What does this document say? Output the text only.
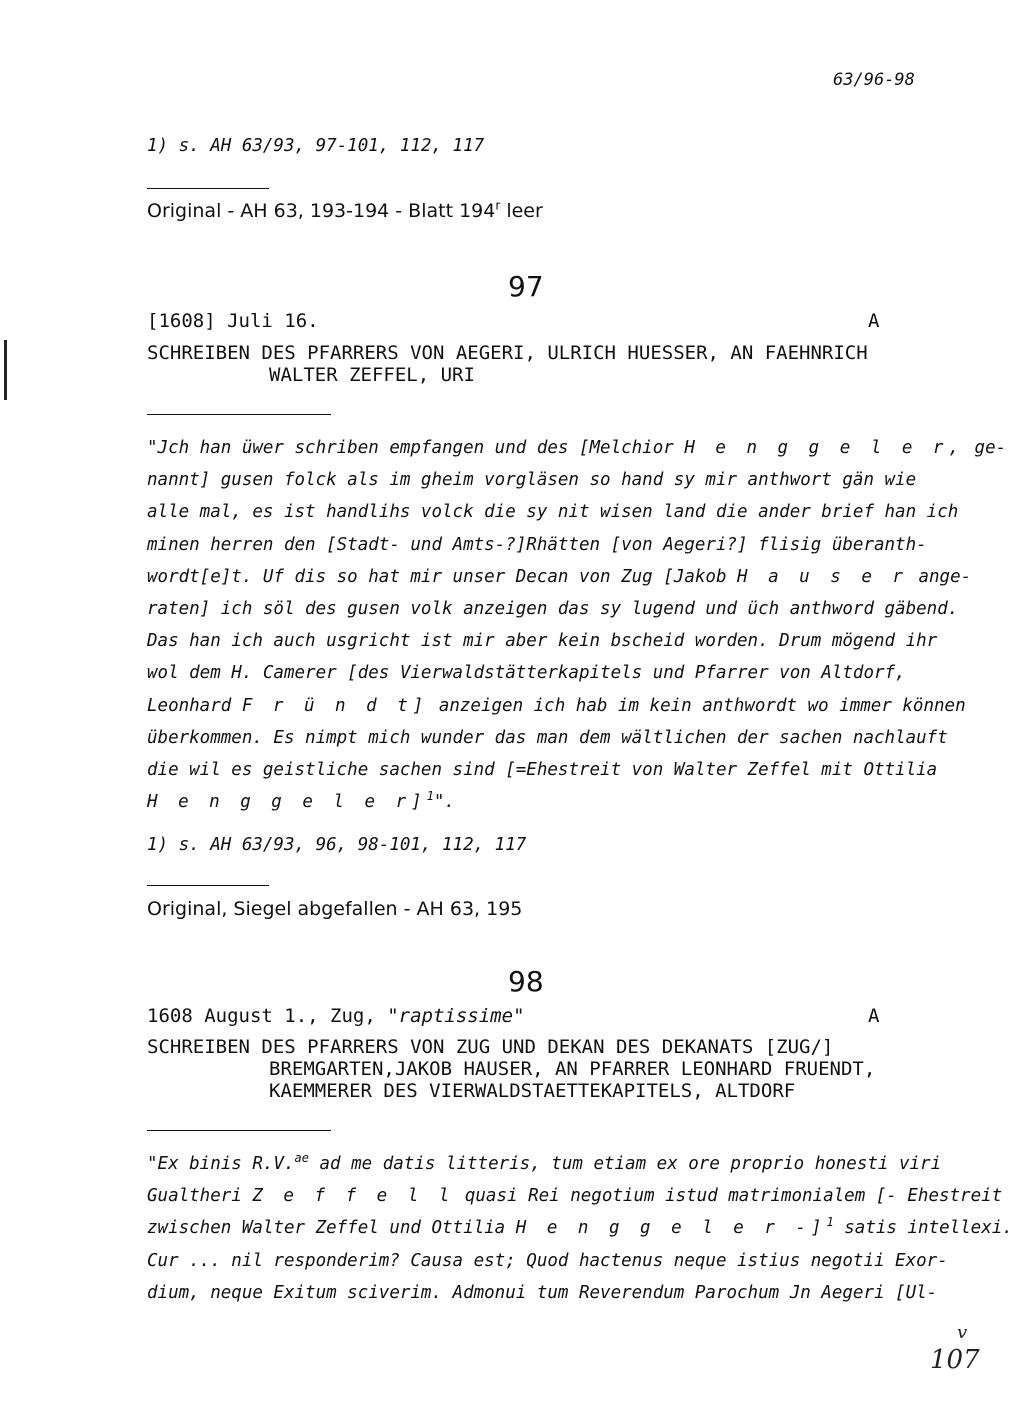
63/96-98
1) s. AH 63/93, 97-101, 112, 117
Original - AH 63, 193-194 - Blatt 194$^r$ leer
97
[1608] Juli 16.	A
SCHREIBEN DES PFARRERS VON AEGERI, ULRICH HUESSER, AN FAEHNRICH
WALTER ZEFFEL, URI
"Jch han üwer schriben empfangen und des [Melchior H e n g g e l e r, ge-
nannt] gusen folck als im gheim vorgläsen so hand sy mir anthwort gän wie
alle mal, es ist handlihs volck die sy nit wisen land die ander brief han ich
minen herren den [Stadt- und Amts-?]Rhätten [von Aegeri?] flisig überanth-
wordt[e]t. Uf dis so hat mir unser Decan von Zug [Jakob H a u s e r ange-
raten] ich söl des gusen volk anzeigen das sy lugend und üch anthword gäbend.
Das han ich auch usgricht ist mir aber kein bscheid worden. Drum mögend ihr
wol dem H. Camerer [des Vierwaldstätterkapitels und Pfarrer von Altdorf,
Leonhard F r ü n d t] anzeigen ich hab im kein anthwordt wo immer können
überkommen. Es nimpt mich wunder das man dem wältlichen der sachen nachlauft
die wil es geistliche sachen sind [=Ehestreit von Walter Zeffel mit Ottilia
H e n g g e l e r]$^1$".
1) s. AH 63/93, 96, 98-101, 112, 117
Original, Siegel abgefallen - AH 63, 195
98
1608 August 1., Zug, "raptissime"	A
SCHREIBEN DES PFARRERS VON ZUG UND DEKAN DES DEKANATS [ZUG/]
BREMGARTEN,JAKOB HAUSER, AN PFARRER LEONHARD FRUENDT,
KAEMMERER DES VIERWALDSTAETTEKAPITELS, ALTDORF
"Ex binis R.V.$^{ae}$ ad me datis litteris, tum etiam ex ore proprio honesti viri
Gualtheri Z e f f e l l quasi Rei negotium istud matrimonialem [- Ehestreit
zwischen Walter Zeffel und Ottilia H e n g g e l e r -]$^1$ satis intellexi.
Cur ... nil responderim? Causa est; Quod hactenus neque istius negotii Exor-
dium, neque Exitum sciverim. Admonui tum Reverendum Parochum Jn Aegeri [Ul-
v
107
